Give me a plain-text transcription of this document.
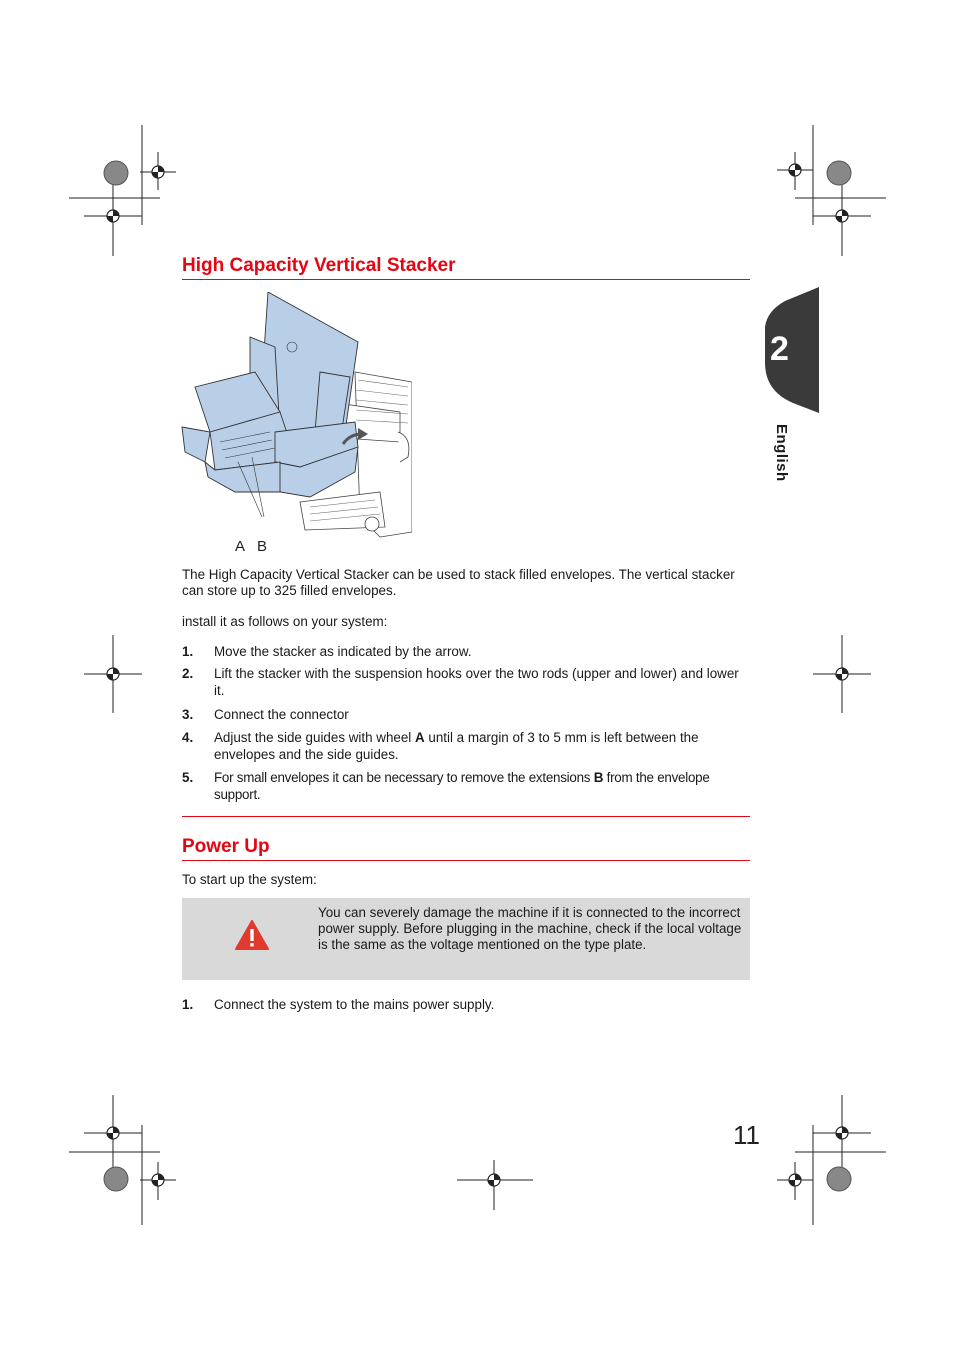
2
English
High Capacity Vertical Stacker
A B
The High Capacity Vertical Stacker can be used to stack filled envelopes. The vertical stacker can store up to 325 filled envelopes.
install it as follows on your system:
1. Move the stacker as indicated by the arrow.
2. Lift the stacker with the suspension hooks over the two rods (upper and lower) and lower it.
3. Connect the connector
4. Adjust the side guides with wheel A until a margin of 3 to 5 mm is left between the envelopes and the side guides.
5. For small envelopes it can be necessary to remove the extensions B from the envelope support.
Power Up
To start up the system:
You can severely damage the machine if it is connected to the incorrect power supply. Before plugging in the machine, check if the local voltage is the same as the voltage mentioned on the type plate.
1. Connect the system to the mains power supply.
11
